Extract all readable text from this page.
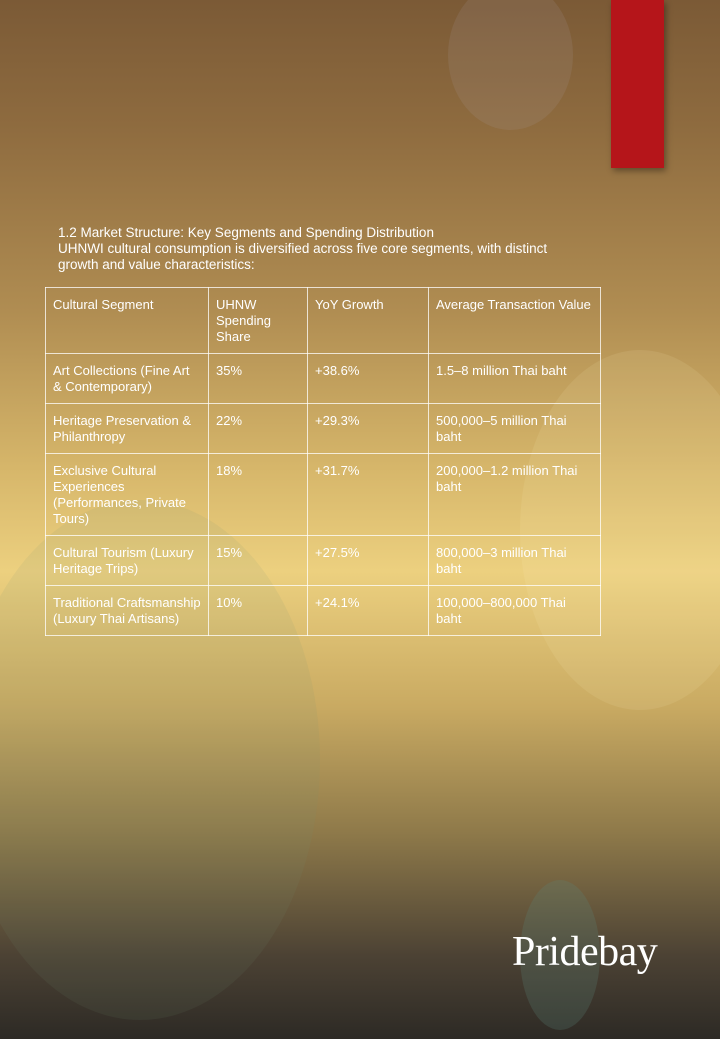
1.2 Market Structure: Key Segments and Spending Distribution
UHNWI cultural consumption is diversified across five core segments, with distinct
growth and value characteristics:
Cultural Segment	UHNW Spending Share	YoY Growth	Average Transaction Value
Art Collections (Fine Art & Contemporary)	35%	+38.6%	1.5–8 million Thai baht
Heritage Preservation & Philanthropy	22%	+29.3%	500,000–5 million Thai baht
Exclusive Cultural Experiences (Performances, Private Tours)	18%	+31.7%	200,000–1.2 million Thai baht
Cultural Tourism (Luxury Heritage Trips)	15%	+27.5%	800,000–3 million Thai baht
Traditional Craftsmanship (Luxury Thai Artisans)	10%	+24.1%	100,000–800,000 Thai baht
Pridebay
